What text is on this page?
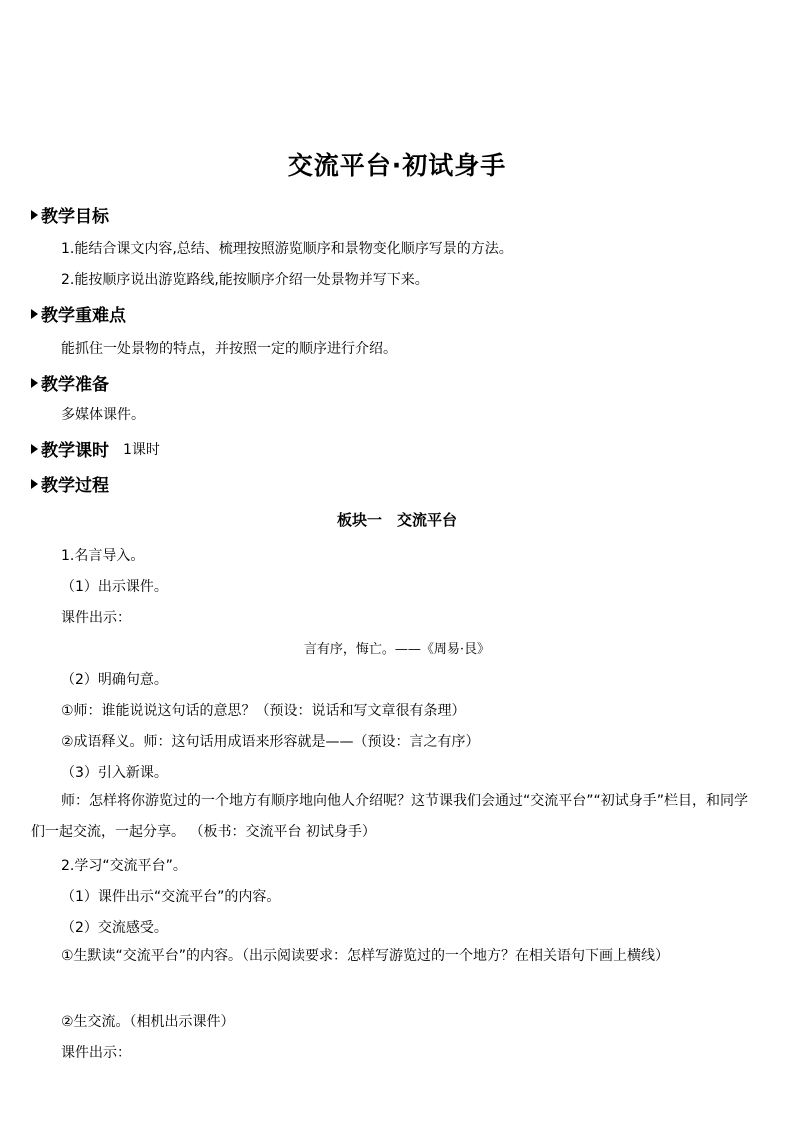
交流平台·初试身手
教学目标
1.能结合课文内容,总结、梳理按照游览顺序和景物变化顺序写景的方法。
2.能按顺序说出游览路线,能按顺序介绍一处景物并写下来。
教学重难点
能抓住一处景物的特点，并按照一定的顺序进行介绍。
教学准备
多媒体课件。
教学课时 1课时
教学过程
板块一　交流平台
1.名言导入。
（1）出示课件。
课件出示：
言有序，悔亡。——《周易·艮》
（2）明确句意。
①师：谁能说说这句话的意思？（预设：说话和写文章很有条理）
②成语释义。师：这句话用成语来形容就是——（预设：言之有序）
（3）引入新课。
师：怎样将你游览过的一个地方有顺序地向他人介绍呢？这节课我们会通过“交流平台”“初试身手”栏目，和同学们一起交流，一起分享。 （板书：交流平台 初试身手）
2.学习“交流平台”。
（1）课件出示“交流平台”的内容。
（2）交流感受。
①生默读“交流平台”的内容。（出示阅读要求：怎样写游览过的一个地方？在相关语句下画上横线）
②生交流。（相机出示课件）
课件出示：
